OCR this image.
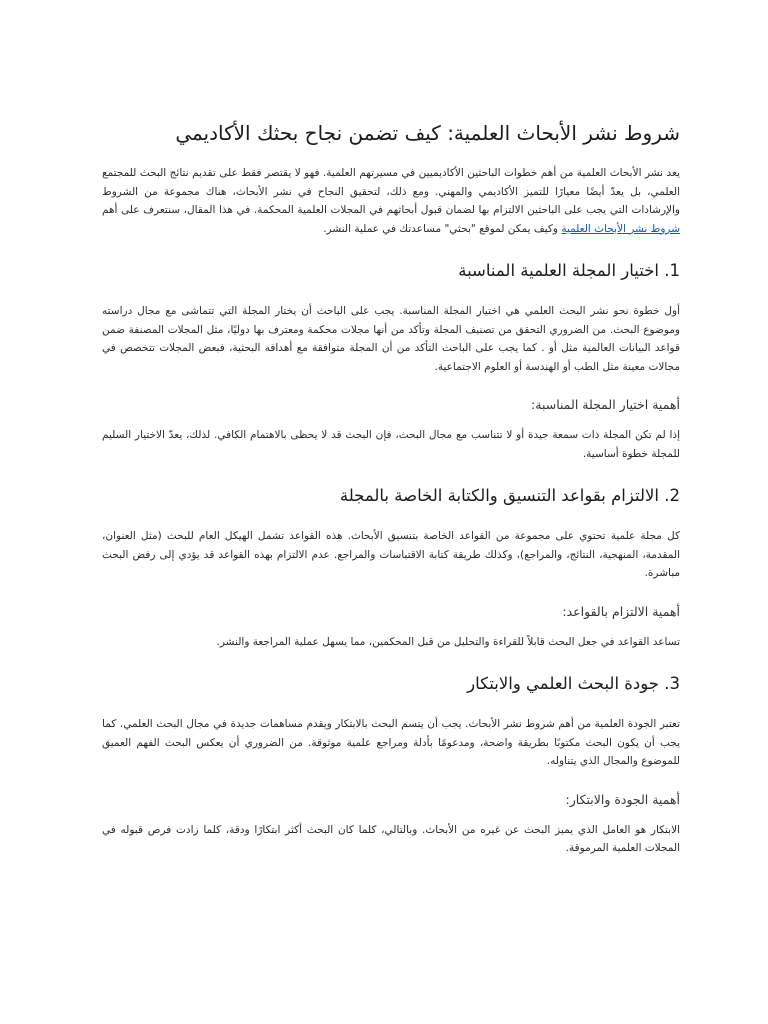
شروط نشر الأبحاث العلمية: كيف تضمن نجاح بحثك الأكاديمي

يعد نشر الأبحاث العلمية من أهم خطوات الباحثين الأكاديميين في مسيرتهم العلمية. فهو لا يقتصر فقط على تقديم نتائج البحث للمجتمع العلمي، بل يعدّ أيضًا معيارًا للتميز الأكاديمي والمهني. ومع ذلك، لتحقيق النجاح في نشر الأبحاث، هناك مجموعة من الشروط والإرشادات التي يجب على الباحثين الالتزام بها لضمان قبول أبحاثهم في المجلات العلمية المحكمة. في هذا المقال، سنتعرف على أهم شروط نشر الأبحاث العلمية وكيف يمكن لموقع "بحثي" مساعدتك في عملية النشر.

1. اختيار المجلة العلمية المناسبة

أول خطوة نحو نشر البحث العلمي هي اختيار المجلة المناسبة. يجب على الباحث أن يختار المجلة التي تتماشى مع مجال دراسته وموضوع البحث. من الضروري التحقق من تصنيف المجلة وتأكد من أنها مجلات محكمة ومعترف بها دوليًا، مثل المجلات المصنفة ضمن قواعد البيانات العالمية مثل أو . كما يجب على الباحث التأكد من أن المجلة متوافقة مع أهدافه البحثية، فبعض المجلات تتخصص في مجالات معينة مثل الطب أو الهندسة أو العلوم الاجتماعية.

أهمية اختيار المجلة المناسبة:

إذا لم تكن المجلة ذات سمعة جيدة أو لا تتناسب مع مجال البحث، فإن البحث قد لا يحظى بالاهتمام الكافي. لذلك، يعدّ الاختيار السليم للمجلة خطوة أساسية.

2. الالتزام بقواعد التنسيق والكتابة الخاصة بالمجلة

كل مجلة علمية تحتوي على مجموعة من القواعد الخاصة بتنسيق الأبحاث. هذه القواعد تشمل الهيكل العام للبحث (مثل العنوان، المقدمة، المنهجية، النتائج، والمراجع)، وكذلك طريقة كتابة الاقتباسات والمراجع. عدم الالتزام بهذه القواعد قد يؤدي إلى رفض البحث مباشرة.

أهمية الالتزام بالقواعد:

تساعد القواعد في جعل البحث قابلاً للقراءة والتحليل من قبل المحكمين، مما يسهل عملية المراجعة والنشر.

3. جودة البحث العلمي والابتكار

تعتبر الجودة العلمية من أهم شروط نشر الأبحاث. يجب أن يتسم البحث بالابتكار ويقدم مساهمات جديدة في مجال البحث العلمي. كما يجب أن يكون البحث مكتوبًا بطريقة واضحة، ومدعومًا بأدلة ومراجع علمية موثوقة. من الضروري أن يعكس البحث الفهم العميق للموضوع والمجال الذي يتناوله.

أهمية الجودة والابتكار:

الابتكار هو العامل الذي يميز البحث عن غيره من الأبحاث. وبالتالي، كلما كان البحث أكثر ابتكارًا ودقة، كلما زادت فرص قبوله في المجلات العلمية المرموقة.
